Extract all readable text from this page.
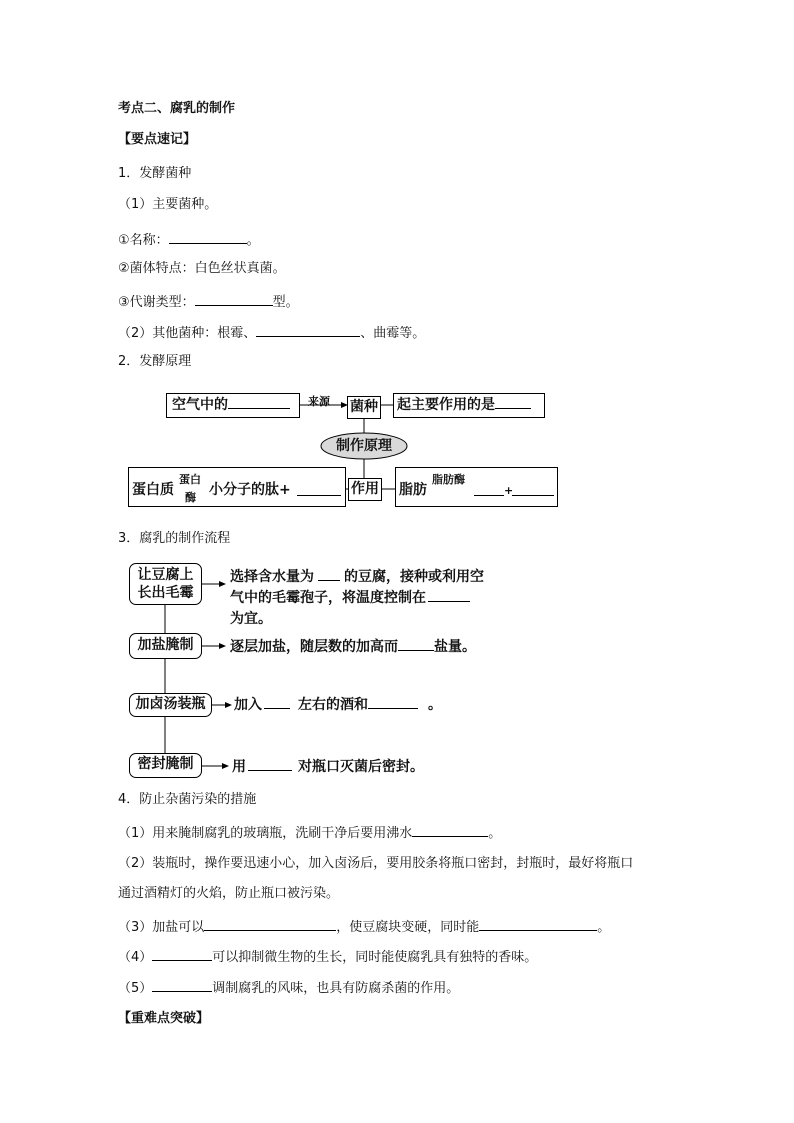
考点二、腐乳的制作
【要点速记】
1．发酵菌种
（1）主要菌种。
①名称：	。
②菌体特点：白色丝状真菌。
③代谢类型：	型。
（2）其他菌种：根霉、	、曲霉等。
2．发酵原理
空气中的	来源 菌种 起主要作用的是
制作原理
蛋白质
蛋白
酶 小分子的肽+	作用 脂肪
脂肪酶
+
3．腐乳的制作流程
让豆腐上
长出毛霉
选择含水量为 的豆腐，接种或利用空
气中的毛霉孢子，将温度控制在
为宜。
加盐腌制	逐层加盐，随层数的加高而	盐量。
加卤汤装瓶	加入	左右的酒和	。
密封腌制	用	对瓶口灭菌后密封。
4．防止杂菌污染的措施
（1）用来腌制腐乳的玻璃瓶，洗刷干净后要用沸水	。
（2）装瓶时，操作要迅速小心，加入卤汤后，要用胶条将瓶口密封，封瓶时，最好将瓶口
通过酒精灯的火焰，防止瓶口被污染。
（3）加盐可以	，使豆腐块变硬，同时能	。
（4）	可以抑制微生物的生长，同时能使腐乳具有独特的香味。
（5）	调制腐乳的风味，也具有防腐杀菌的作用。
【重难点突破】
